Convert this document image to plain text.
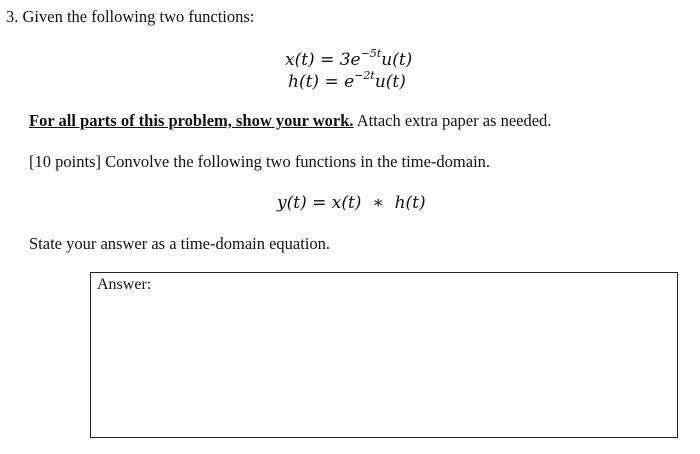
3. Given the following two functions:
$x(t) = 3e^{-5t}u(t)$
$h(t) = e^{-2t}u(t)$
For all parts of this problem, show your work. Attach extra paper as needed.
[10 points] Convolve the following two functions in the time-domain.
y(t) = x(t)  ∗  h(t)
State your answer as a time-domain equation.
Answer:
